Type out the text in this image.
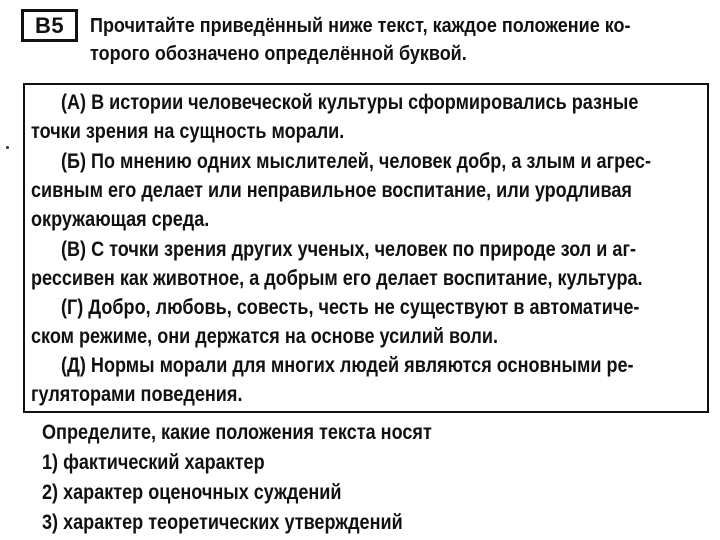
В5	Прочитайте приведённый ниже текст, каждое положение ко-
торого обозначено определённой буквой.
(А) В истории человеческой культуры сформировались разные
точки зрения на сущность морали.
(Б) По мнению одних мыслителей, человек добр, а злым и агрес-
сивным его делает или неправильное воспитание, или уродливая
окружающая среда.
(В) С точки зрения других ученых, человек по природе зол и аг-
рессивен как животное, а добрым его делает воспитание, культура.
(Г) Добро, любовь, совесть, честь не существуют в автоматиче-
ском режиме, они держатся на основе усилий воли.
(Д) Нормы морали для многих людей являются основными ре-
гуляторами поведения.
Определите, какие положения текста носят
1) фактический характер
2) характер оценочных суждений
3) характер теоретических утверждений
